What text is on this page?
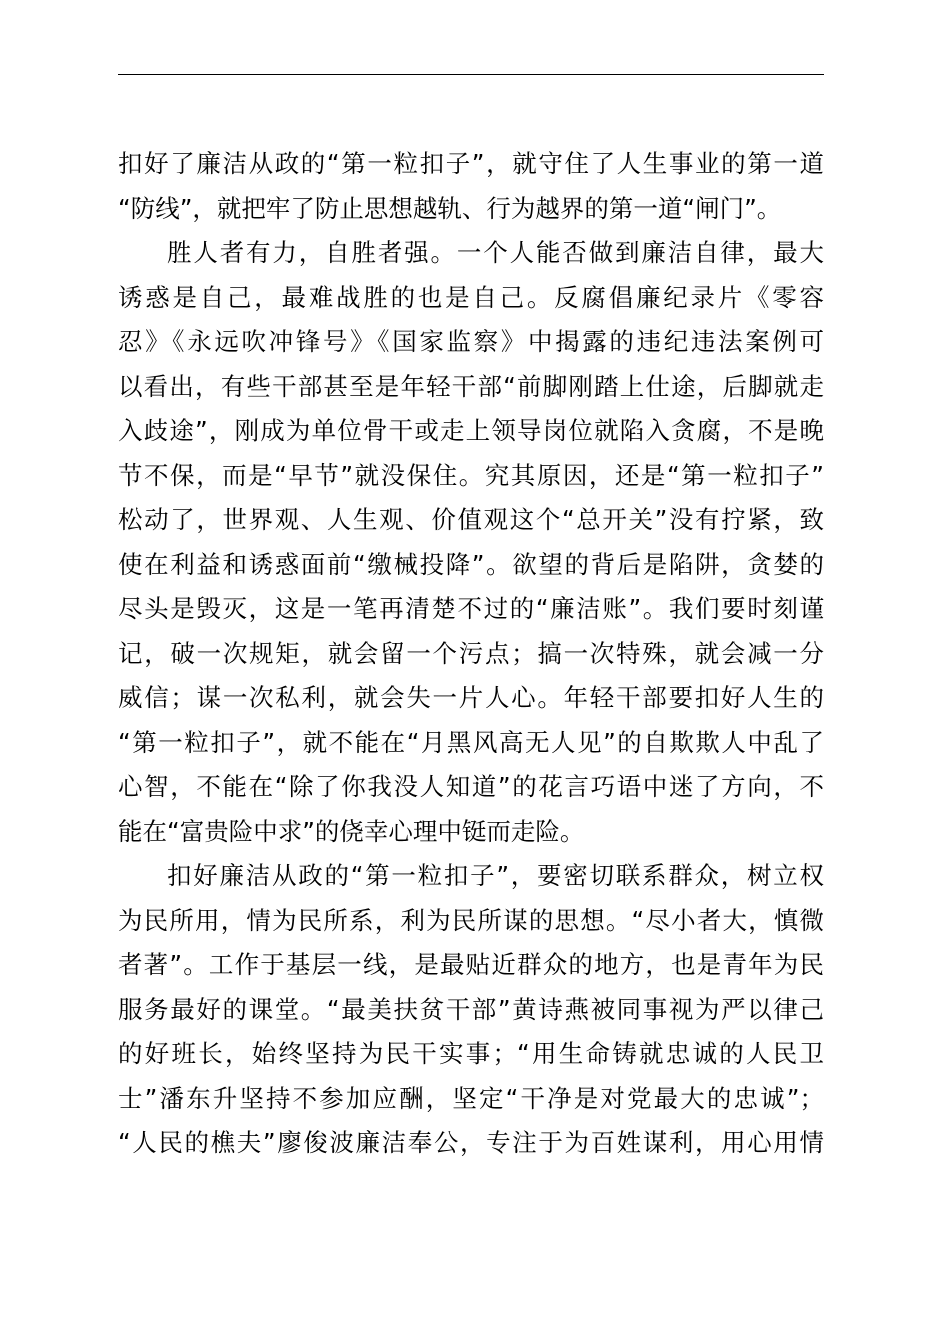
扣好了廉洁从政的“第一粒扣子”，就守住了人生事业的第一道
“防线”，就把牢了防止思想越轨、行为越界的第一道“闸门”。
胜人者有力，自胜者强。一个人能否做到廉洁自律，最大
诱惑是自己，最难战胜的也是自己。反腐倡廉纪录片《零容
忍》《永远吹冲锋号》《国家监察》中揭露的违纪违法案例可
以看出，有些干部甚至是年轻干部“前脚刚踏上仕途，后脚就走
入歧途”，刚成为单位骨干或走上领导岗位就陷入贪腐，不是晚
节不保，而是“早节”就没保住。究其原因，还是“第一粒扣子”
松动了，世界观、人生观、价值观这个“总开关”没有拧紧，致
使在利益和诱惑面前“缴械投降”。欲望的背后是陷阱，贪婪的
尽头是毁灭，这是一笔再清楚不过的“廉洁账”。我们要时刻谨
记，破一次规矩，就会留一个污点；搞一次特殊，就会减一分
威信；谋一次私利，就会失一片人心。年轻干部要扣好人生的
“第一粒扣子”，就不能在“月黑风高无人见”的自欺欺人中乱了
心智，不能在“除了你我没人知道”的花言巧语中迷了方向，不
能在“富贵险中求”的侥幸心理中铤而走险。
扣好廉洁从政的“第一粒扣子”，要密切联系群众，树立权
为民所用，情为民所系，利为民所谋的思想。“尽小者大，慎微
者著”。工作于基层一线，是最贴近群众的地方，也是青年为民
服务最好的课堂。“最美扶贫干部”黄诗燕被同事视为严以律己
的好班长，始终坚持为民干实事；“用生命铸就忠诚的人民卫
士”潘东升坚持不参加应酬，坚定“干净是对党最大的忠诚”；
“人民的樵夫”廖俊波廉洁奉公，专注于为百姓谋利，用心用情
